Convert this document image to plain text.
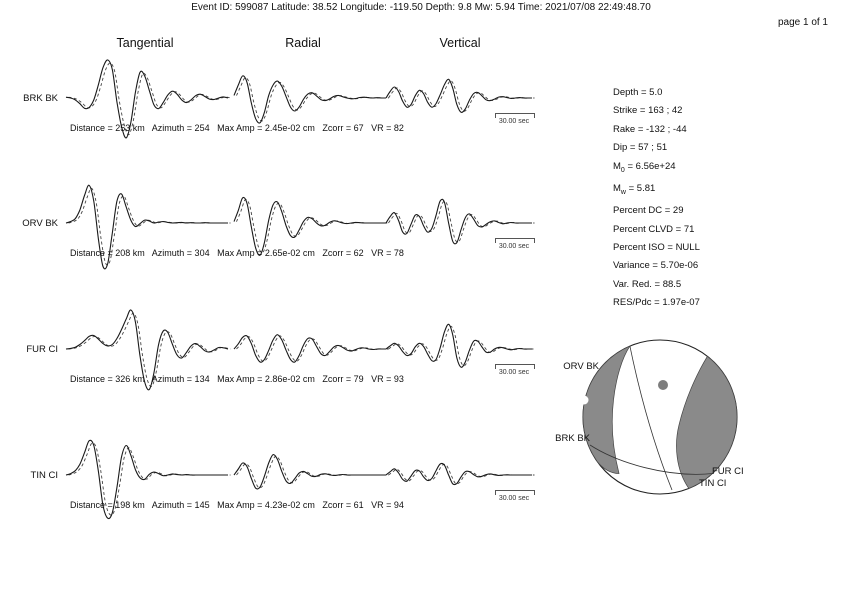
Event ID: 599087 Latitude: 38.52 Longitude: -119.50 Depth: 9.8 Mw: 5.94 Time: 2021/07/08 22:49:48.70
page 1 of 1
Tangential	Radial	Vertical
BRK BK
30.00 sec
Distance = 253 km   Azimuth = 254   Max Amp = 2.45e-02 cm   Zcorr = 67   VR = 82
ORV BK
30.00 sec
Distance = 208 km   Azimuth = 304   Max Amp = 2.65e-02 cm   Zcorr = 62   VR = 78
FUR CI
30.00 sec
Distance = 326 km   Azimuth = 134   Max Amp = 2.86e-02 cm   Zcorr = 79   VR = 93
TIN CI
30.00 sec
Distance = 198 km   Azimuth = 145   Max Amp = 4.23e-02 cm   Zcorr = 61   VR = 94
Depth = 5.0
Strike = 163 ; 42
Rake = -132 ; -44
Dip = 57 ; 51
$M_0 = 6.56e+24$
$M_w = 5.81$
Percent DC = 29
Percent CLVD = 71
Percent ISO = NULL
Variance = 5.70e-06
Var. Red. = 88.5
RES/Pdc = 1.97e-07
ORV BK
BRK BK
FUR CI
TIN CI
